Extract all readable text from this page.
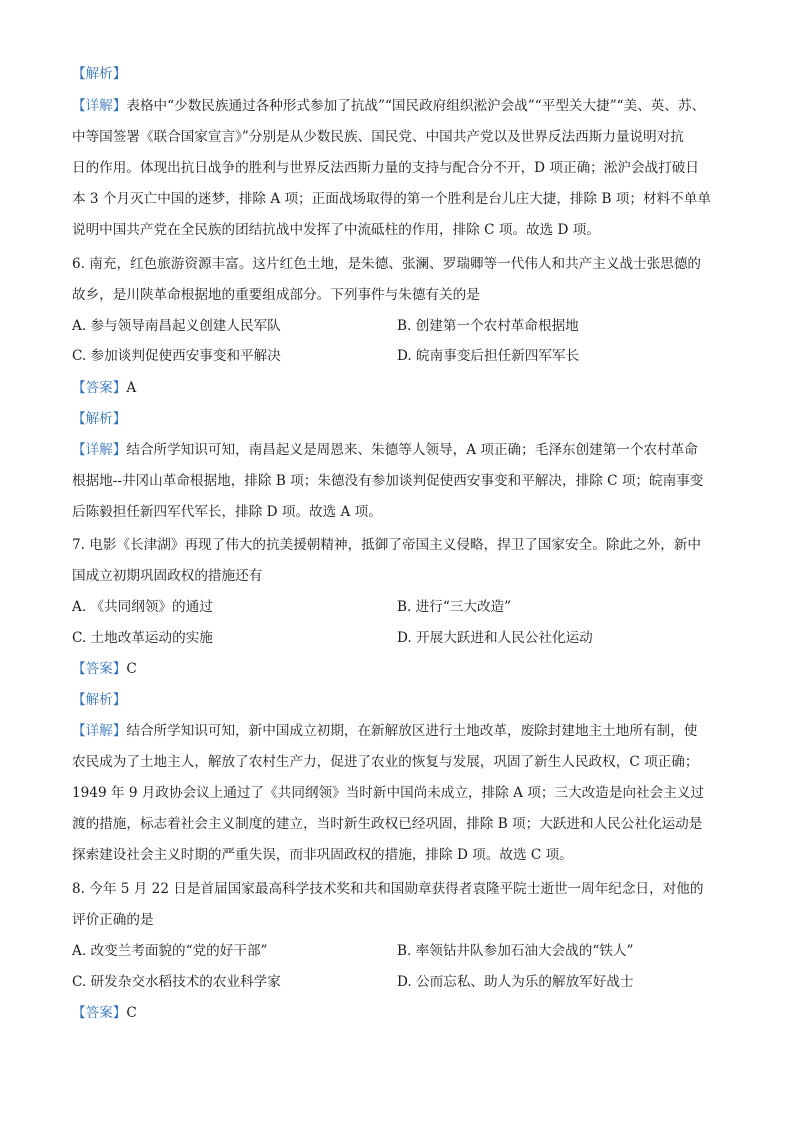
【解析】
【详解】表格中“少数民族通过各种形式参加了抗战”“国民政府组织淞沪会战”“平型关大捷”“美、英、苏、
中等国签署《联合国家宣言》”分别是从少数民族、国民党、中国共产党以及世界反法西斯力量说明对抗
日的作用。体现出抗日战争的胜利与世界反法西斯力量的支持与配合分不开，D 项正确；淞沪会战打破日
本 3 个月灭亡中国的迷梦，排除 A 项；正面战场取得的第一个胜利是台儿庄大捷，排除 B 项；材料不单单
说明中国共产党在全民族的团结抗战中发挥了中流砥柱的作用，排除 C 项。故选 D 项。
6. 南充，红色旅游资源丰富。这片红色土地，是朱德、张澜、罗瑞卿等一代伟人和共产主义战士张思德的
故乡，是川陕革命根据地的重要组成部分。下列事件与朱德有关的是
A. 参与领导南昌起义创建人民军队	B. 创建第一个农村革命根据地
C. 参加谈判促使西安事变和平解决	D. 皖南事变后担任新四军军长
【答案】A
【解析】
【详解】结合所学知识可知，南昌起义是周恩来、朱德等人领导，A 项正确；毛泽东创建第一个农村革命
根据地--井冈山革命根据地，排除 B 项；朱德没有参加谈判促使西安事变和平解决，排除 C 项；皖南事变
后陈毅担任新四军代军长，排除 D 项。故选 A 项。
7. 电影《长津湖》再现了伟大的抗美援朝精神，抵御了帝国主义侵略，捍卫了国家安全。除此之外，新中
国成立初期巩固政权的措施还有
A. 《共同纲领》的通过	B. 进行“三大改造”
C. 土地改革运动的实施	D. 开展大跃进和人民公社化运动
【答案】C
【解析】
【详解】结合所学知识可知，新中国成立初期，在新解放区进行土地改革，废除封建地主土地所有制，使
农民成为了土地主人，解放了农村生产力，促进了农业的恢复与发展，巩固了新生人民政权，C 项正确；
1949 年 9 月政协会议上通过了《共同纲领》当时新中国尚未成立，排除 A 项；三大改造是向社会主义过
渡的措施，标志着社会主义制度的建立，当时新生政权已经巩固，排除 B 项；大跃进和人民公社化运动是
探索建设社会主义时期的严重失误，而非巩固政权的措施，排除 D 项。故选 C 项。
8. 今年 5 月 22 日是首届国家最高科学技术奖和共和国勋章获得者袁隆平院士逝世一周年纪念日，对他的
评价正确的是
A. 改变兰考面貌的“党的好干部”	B. 率领钻井队参加石油大会战的“铁人”
C. 研发杂交水稻技术的农业科学家	D. 公而忘私、助人为乐的解放军好战士
【答案】C
